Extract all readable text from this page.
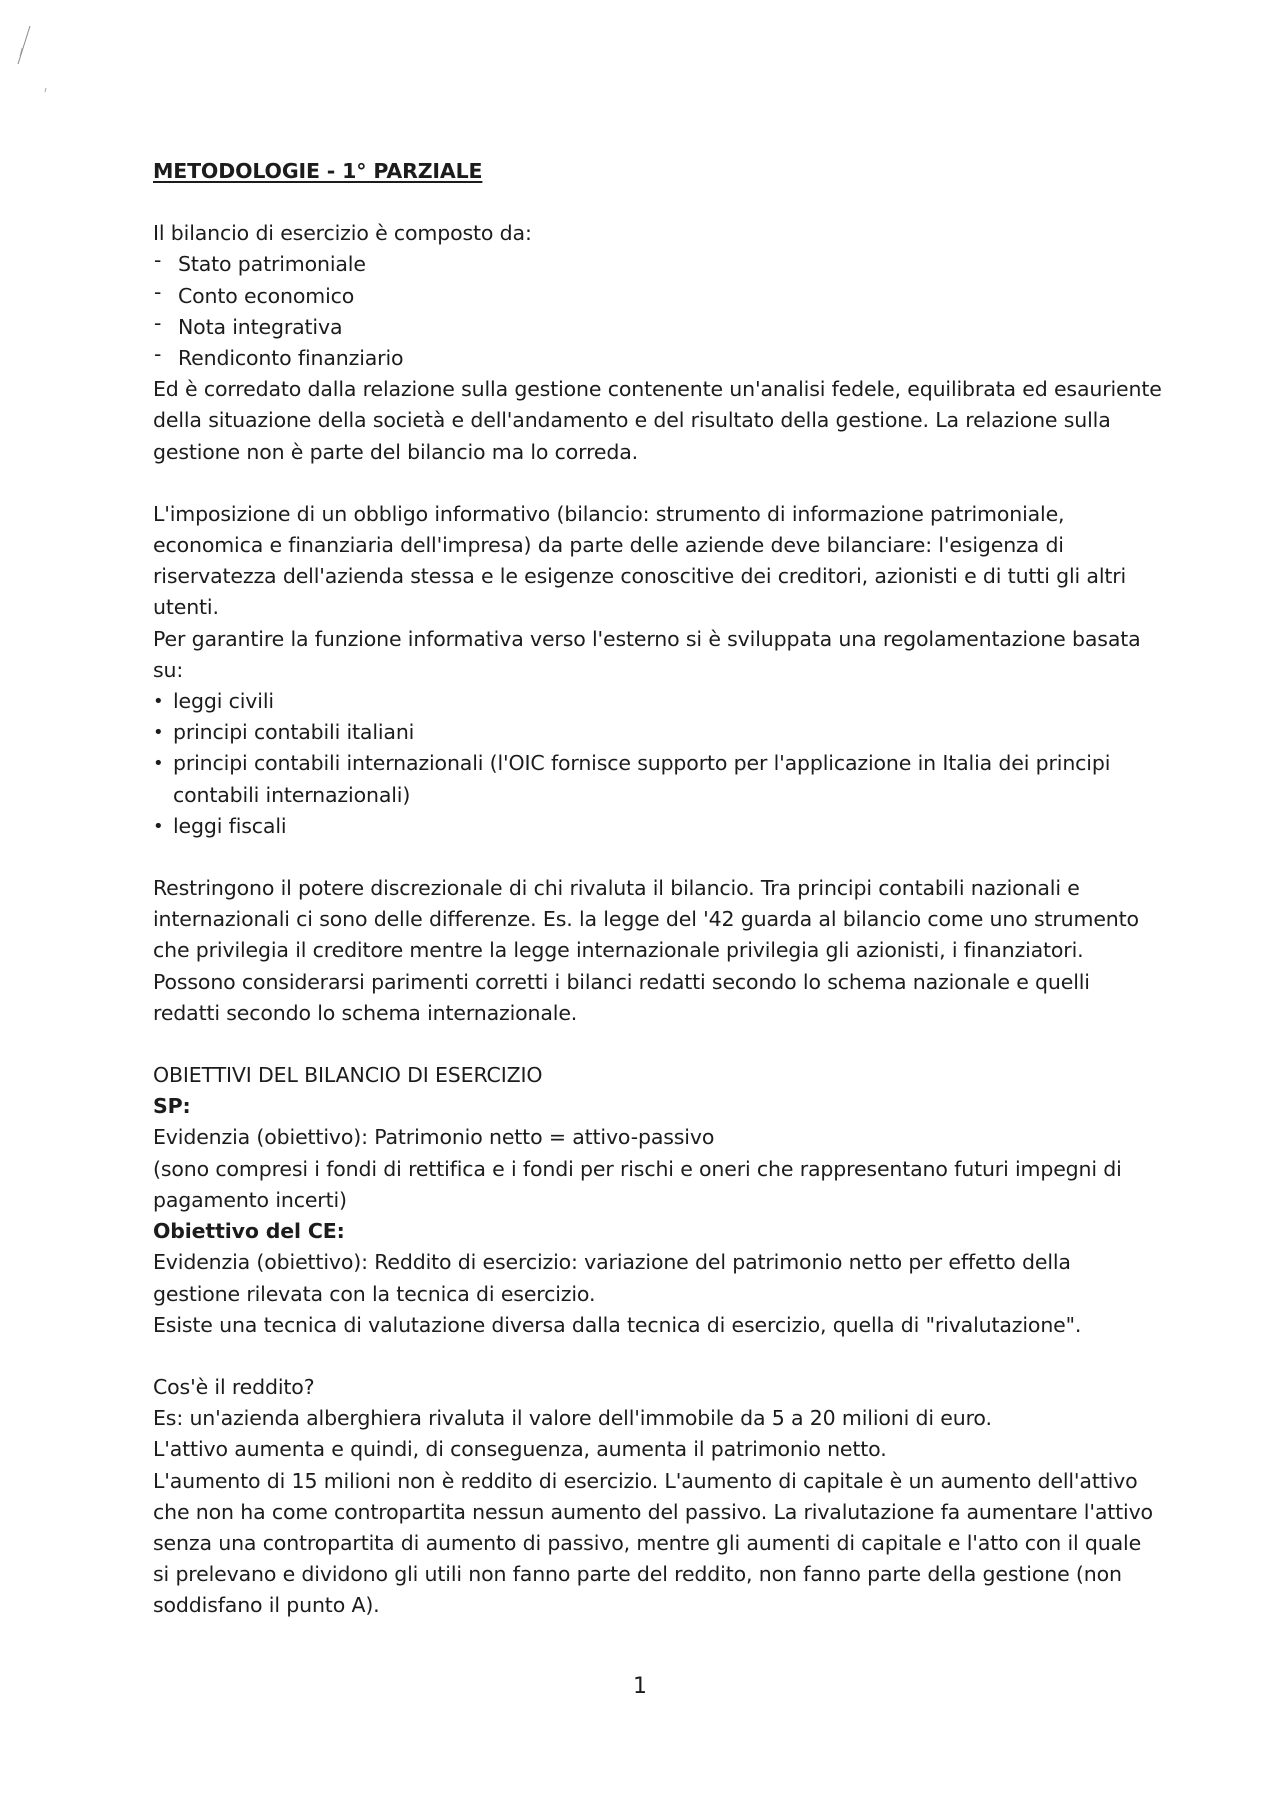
METODOLOGIE - 1° PARZIALE

Il bilancio di esercizio è composto da:

- Stato patrimoniale
- Conto economico
- Nota integrativa
- Rendiconto finanziario

Ed è corredato dalla relazione sulla gestione contenente un'analisi fedele, equilibrata ed esauriente della situazione della società e dell'andamento e del risultato della gestione. La relazione sulla gestione non è parte del bilancio ma lo correda.

L'imposizione di un obbligo informativo (bilancio: strumento di informazione patrimoniale, economica e finanziaria dell'impresa) da parte delle aziende deve bilanciare: l'esigenza di riservatezza dell'azienda stessa e le esigenze conoscitive dei creditori, azionisti e di tutti gli altri utenti.

Per garantire la funzione informativa verso l'esterno si è sviluppata una regolamentazione basata su:

• leggi civili
• principi contabili italiani
• principi contabili internazionali (l'OIC fornisce supporto per l'applicazione in Italia dei principi contabili internazionali)
• leggi fiscali

Restringono il potere discrezionale di chi rivaluta il bilancio. Tra principi contabili nazionali e internazionali ci sono delle differenze. Es. la legge del '42 guarda al bilancio come uno strumento che privilegia il creditore mentre la legge internazionale privilegia gli azionisti, i finanziatori. Possono considerarsi parimenti corretti i bilanci redatti secondo lo schema nazionale e quelli redatti secondo lo schema internazionale.

OBIETTIVI DEL BILANCIO DI ESERCIZIO

SP:

Evidenzia (obiettivo): Patrimonio netto = attivo-passivo

(sono compresi i fondi di rettifica e i fondi per rischi e oneri che rappresentano futuri impegni di pagamento incerti)

Obiettivo del CE:

Evidenzia (obiettivo): Reddito di esercizio: variazione del patrimonio netto per effetto della gestione rilevata con la tecnica di esercizio.

Esiste una tecnica di valutazione diversa dalla tecnica di esercizio, quella di "rivalutazione".

Cos'è il reddito?

Es: un'azienda alberghiera rivaluta il valore dell'immobile da 5 a 20 milioni di euro.

L'attivo aumenta e quindi, di conseguenza, aumenta il patrimonio netto.

L'aumento di 15 milioni non è reddito di esercizio. L'aumento di capitale è un aumento dell'attivo che non ha come contropartita nessun aumento del passivo. La rivalutazione fa aumentare l'attivo senza una contropartita di aumento di passivo, mentre gli aumenti di capitale e l'atto con il quale si prelevano e dividono gli utili non fanno parte del reddito, non fanno parte della gestione (non soddisfano il punto A).

1
